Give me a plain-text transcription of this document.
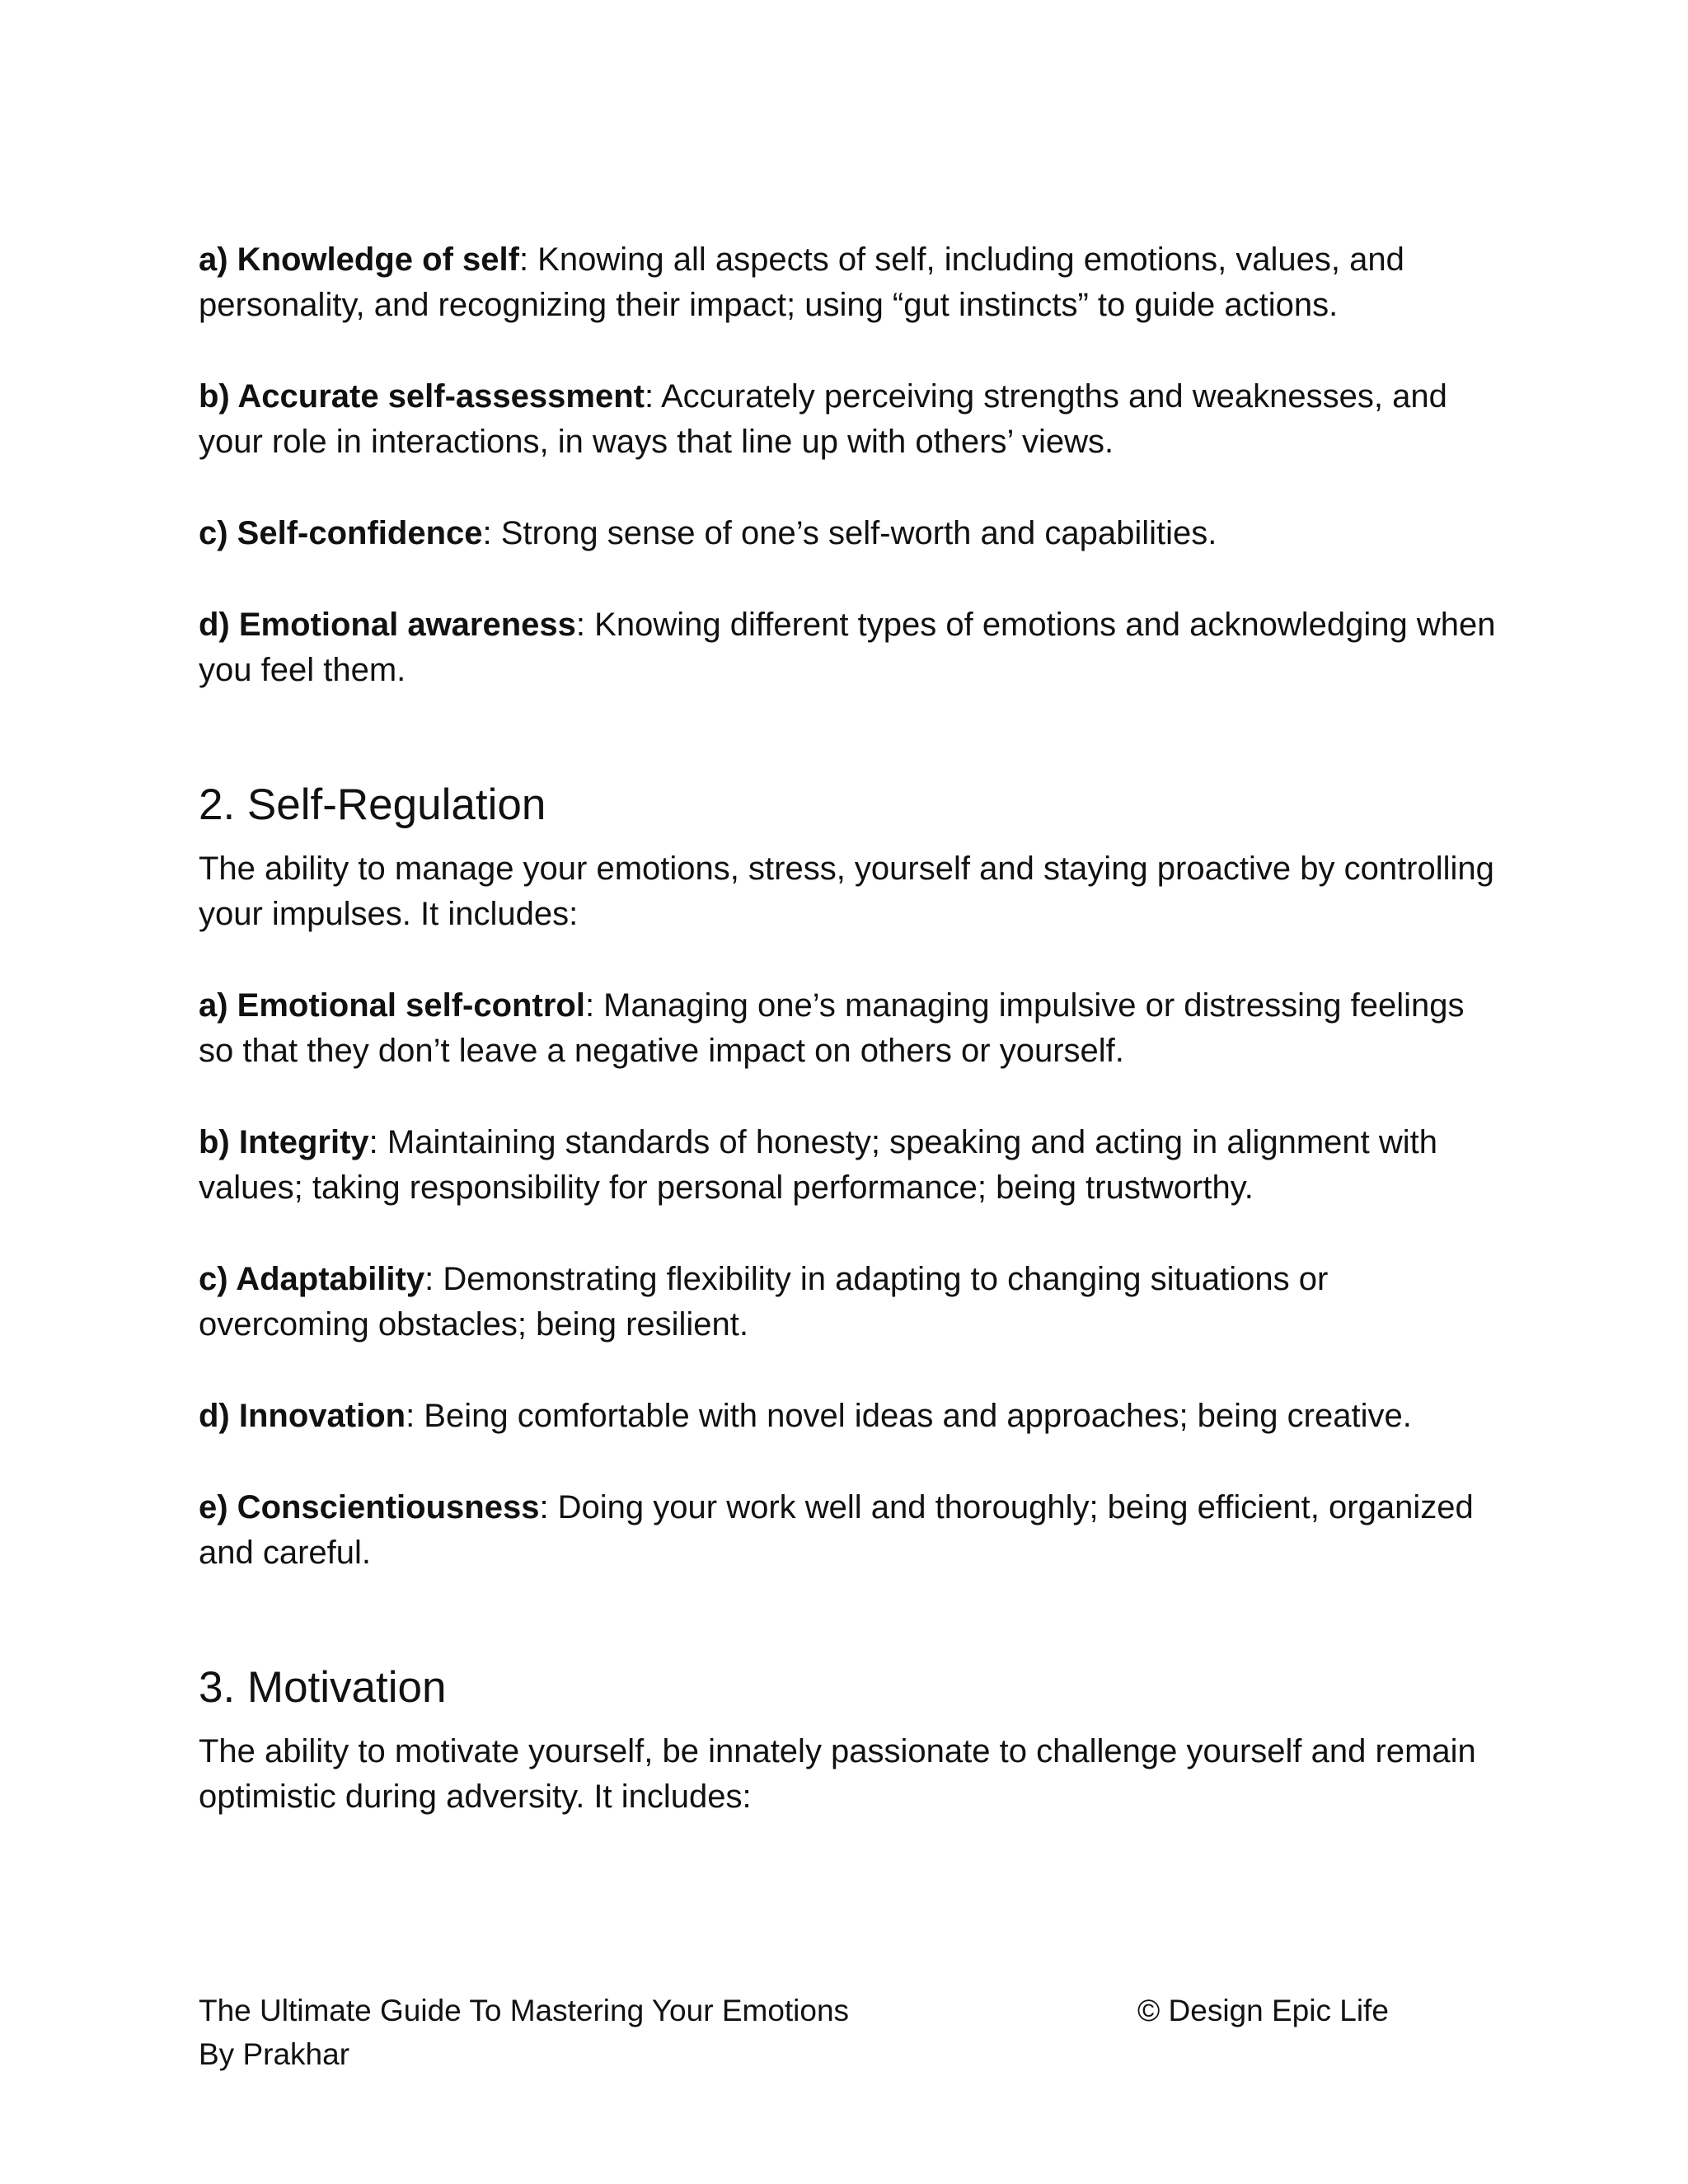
a) Knowledge of self: Knowing all aspects of self, including emotions, values, and personality, and recognizing their impact; using “gut instincts” to guide actions.

b) Accurate self-assessment: Accurately perceiving strengths and weaknesses, and your role in interactions, in ways that line up with others’ views.

c) Self-confidence: Strong sense of one’s self-worth and capabilities.

d) Emotional awareness: Knowing different types of emotions and acknowledging when you feel them.

2. Self-Regulation

The ability to manage your emotions, stress, yourself and staying proactive by controlling your impulses. It includes:

a) Emotional self-control: Managing one’s managing impulsive or distressing feelings so that they don’t leave a negative impact on others or yourself.

b) Integrity: Maintaining standards of honesty; speaking and acting in alignment with values; taking responsibility for personal performance; being trustworthy.

c) Adaptability: Demonstrating flexibility in adapting to changing situations or overcoming obstacles; being resilient.

d) Innovation: Being comfortable with novel ideas and approaches; being creative.

e) Conscientiousness: Doing your work well and thoroughly; being efficient, organized and careful.

3. Motivation

The ability to motivate yourself, be innately passionate to challenge yourself and remain optimistic during adversity. It includes:

The Ultimate Guide To Mastering Your Emotions
By Prakhar
© Design Epic Life
